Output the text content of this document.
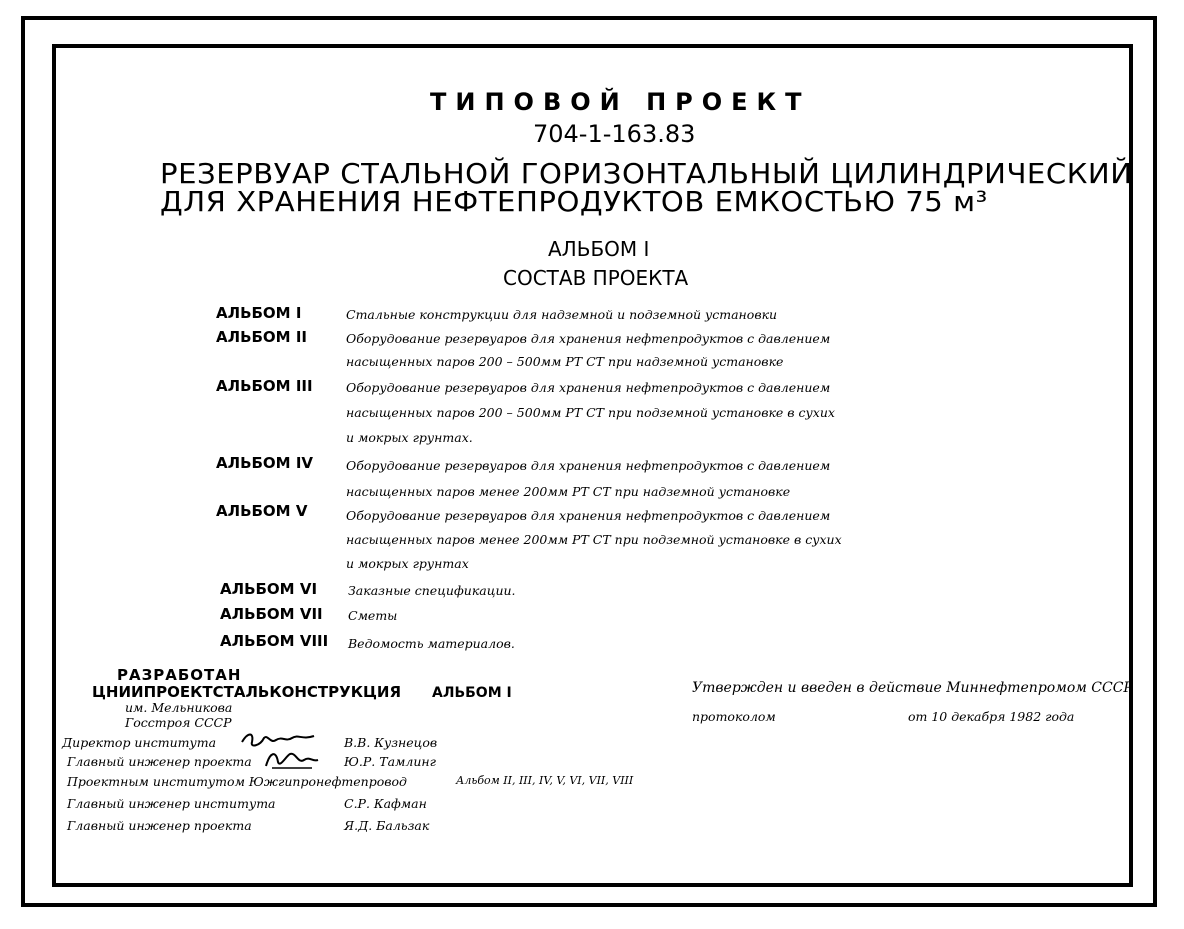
ТИПОВОЙ ПРОЕКТ
704-1-163.83
РЕЗЕРВУАР СТАЛЬНОЙ ГОРИЗОНТАЛЬНЫЙ ЦИЛИНДРИЧЕСКИЙ
ДЛЯ ХРАНЕНИЯ НЕФТЕПРОДУКТОВ ЕМКОСТЬЮ 75 м³
АЛЬБОМ I
СОСТАВ ПРОЕКТА
АЛЬБОМ I	Стальные конструкции для надземной и подземной установки
АЛЬБОМ II	Оборудование резервуаров для хранения нефтепродуктов с давлением
насыщенных паров 200 – 500мм РТ СТ при надземной установке
АЛЬБОМ III	Оборудование резервуаров для хранения нефтепродуктов с давлением
насыщенных паров 200 – 500мм РТ СТ при подземной установке в сухих
и мокрых грунтах.
АЛЬБОМ IV	Оборудование резервуаров для хранения нефтепродуктов с давлением
насыщенных паров менее 200мм РТ СТ при надземной установке
АЛЬБОМ V	Оборудование резервуаров для хранения нефтепродуктов с давлением
насыщенных паров менее 200мм РТ СТ при подземной установке в сухих
и мокрых грунтах
АЛЬБОМ VI Заказные спецификации.
АЛЬБОМ VII Сметы
АЛЬБОМ VIII Ведомость материалов.
РАЗРАБОТАН
ЦНИИПРОЕКТСТАЛЬКОНСТРУКЦИЯ
им. Мельникова
Госстроя СССР
АЛЬБОМ I	Утвержден и введен в действие Миннефтепромом СССР
протоколом	от 10 декабря 1982 года
Директор института	В.В. Кузнецов
Главный инженер проекта	Ю.Р. Тамлинг
Проектным институтом Южгипронефтепровод
Главный инженер института	С.Р. Кафман
Главный инженер проекта	Я.Д. Бальзак
Альбом II, III, IV, V, VI, VII, VIII
